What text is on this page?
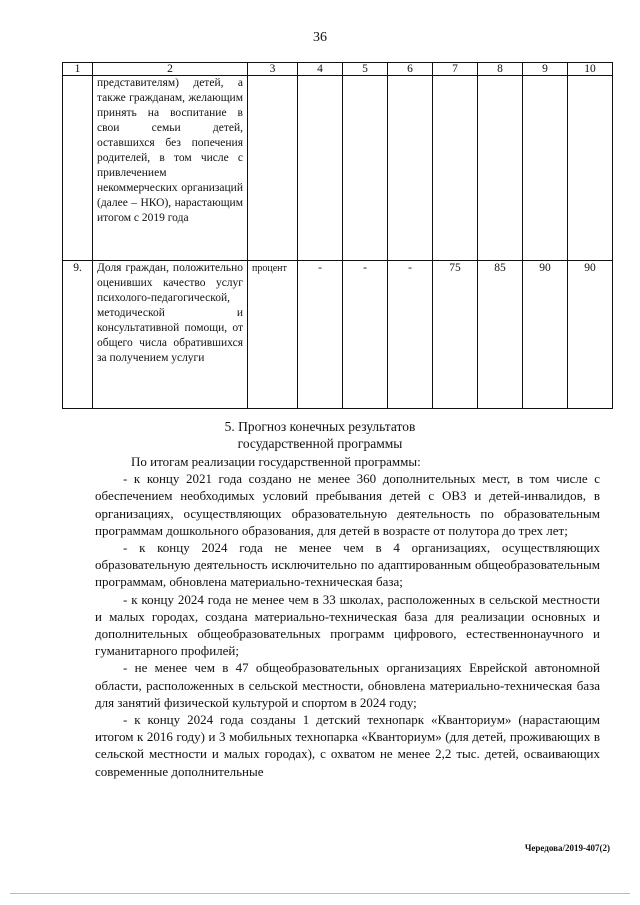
36
1	2	3	4	5	6	7	8	9	10
	представителям) детей, а также гражданам, желающим принять на воспитание в свои семьи детей, оставшихся без попечения родителей, в том числе с привлечением некоммерческих организаций (далее – НКО), нарастающим итогом с 2019 года								
9.	Доля граждан, положительно оценивших качество услуг психолого-педагогической, методической и консультативной помощи, от общего числа обратившихся за получением услуги	процент	-	-	-	75	85	90	90
5. Прогноз конечных результатов
государственной программы

По итогам реализации государственной программы:

- к концу 2021 года создано не менее 360 дополнительных мест, в том числе с обеспечением необходимых условий пребывания детей с ОВЗ и детей-инвалидов, в организациях, осуществляющих образовательную деятельность по образовательным программам дошкольного образования, для детей в возрасте от полутора до трех лет;

- к концу 2024 года не менее чем в 4 организациях, осуществляющих образовательную деятельность исключительно по адаптированным общеобразовательным программам, обновлена материально-техническая база;

- к концу 2024 года не менее чем в 33 школах, расположенных в сельской местности и малых городах, создана материально-техническая база для реализации основных и дополнительных общеобразовательных программ цифрового, естественнонаучного и гуманитарного профилей;

- не менее чем в 47 общеобразовательных организациях Еврейской автономной области, расположенных в сельской местности, обновлена материально-техническая база для занятий физической культурой и спортом в 2024 году;

- к концу 2024 года созданы 1 детский технопарк «Кванториум» (нарастающим итогом к 2016 году) и 3 мобильных технопарка «Кванториум» (для детей, проживающих в сельской местности и малых городах), с охватом не менее 2,2 тыс. детей, осваивающих современные дополнительные

Чередова/2019-407(2)
